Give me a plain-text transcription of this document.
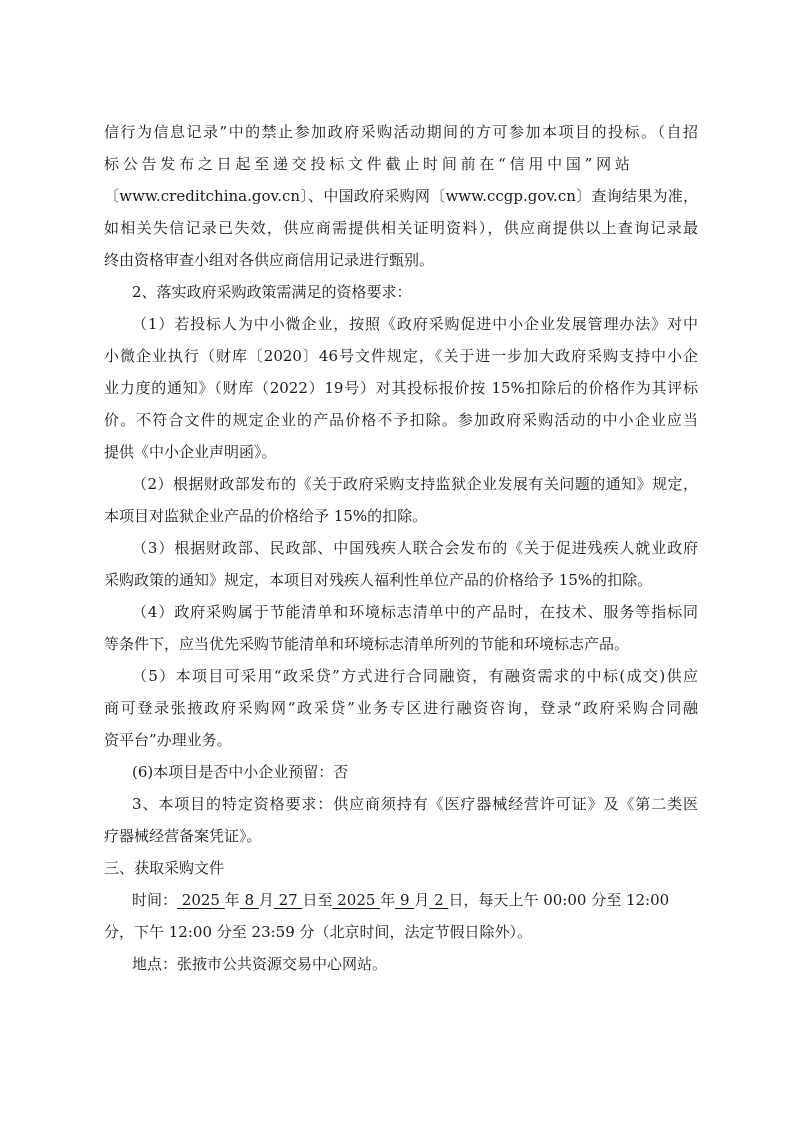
信行为信息记录”中的禁止参加政府采购活动期间的方可参加本项目的投标。（自招
标 公 告 发 布 之 日 起 至 递 交 投 标 文 件 截 止 时 间 前 在 “ 信 用 中 国 ” 网 站
〔www.creditchina.gov.cn〕、中国政府采购网〔www.ccgp.gov.cn〕查询结果为准，
如相关失信记录已失效，供应商需提供相关证明资料），供应商提供以上查询记录最
终由资格审查小组对各供应商信用记录进行甄别。
2、落实政府采购政策需满足的资格要求：
（1）若投标人为中小微企业，按照《政府采购促进中小企业发展管理办法》对中
小微企业执行（财库〔2020〕46号文件规定，《关于进一步加大政府采购支持中小企
业力度的通知》（财库（2022）19号）对其投标报价按 15%扣除后的价格作为其评标
价。不符合文件的规定企业的产品价格不予扣除。参加政府采购活动的中小企业应当
提供《中小企业声明函》。
（2）根据财政部发布的《关于政府采购支持监狱企业发展有关问题的通知》规定，
本项目对监狱企业产品的价格给予 15%的扣除。
（3）根据财政部、民政部、中国残疾人联合会发布的《关于促进残疾人就业政府
采购政策的通知》规定，本项目对残疾人福利性单位产品的价格给予 15%的扣除。
（4）政府采购属于节能清单和环境标志清单中的产品时，在技术、服务等指标同
等条件下，应当优先采购节能清单和环境标志清单所列的节能和环境标志产品。
（5）本项目可采用“政采贷”方式进行合同融资，有融资需求的中标(成交)供应
商可登录张掖政府采购网“政采贷”业务专区进行融资咨询，登录“政府采购合同融
资平台”办理业务。
(6)本项目是否中小企业预留：否
3、本项目的特定资格要求：供应商须持有《医疗器械经营许可证》及《第二类医
疗器械经营备案凭证》。
三、获取采购文件
时间： 2025 年 8 月 27 日至 2025 年 9 月 2 日，每天上午 00:00 分至 12:00
分，下午 12:00 分至 23:59 分（北京时间，法定节假日除外）。
地点：张掖市公共资源交易中心网站。
